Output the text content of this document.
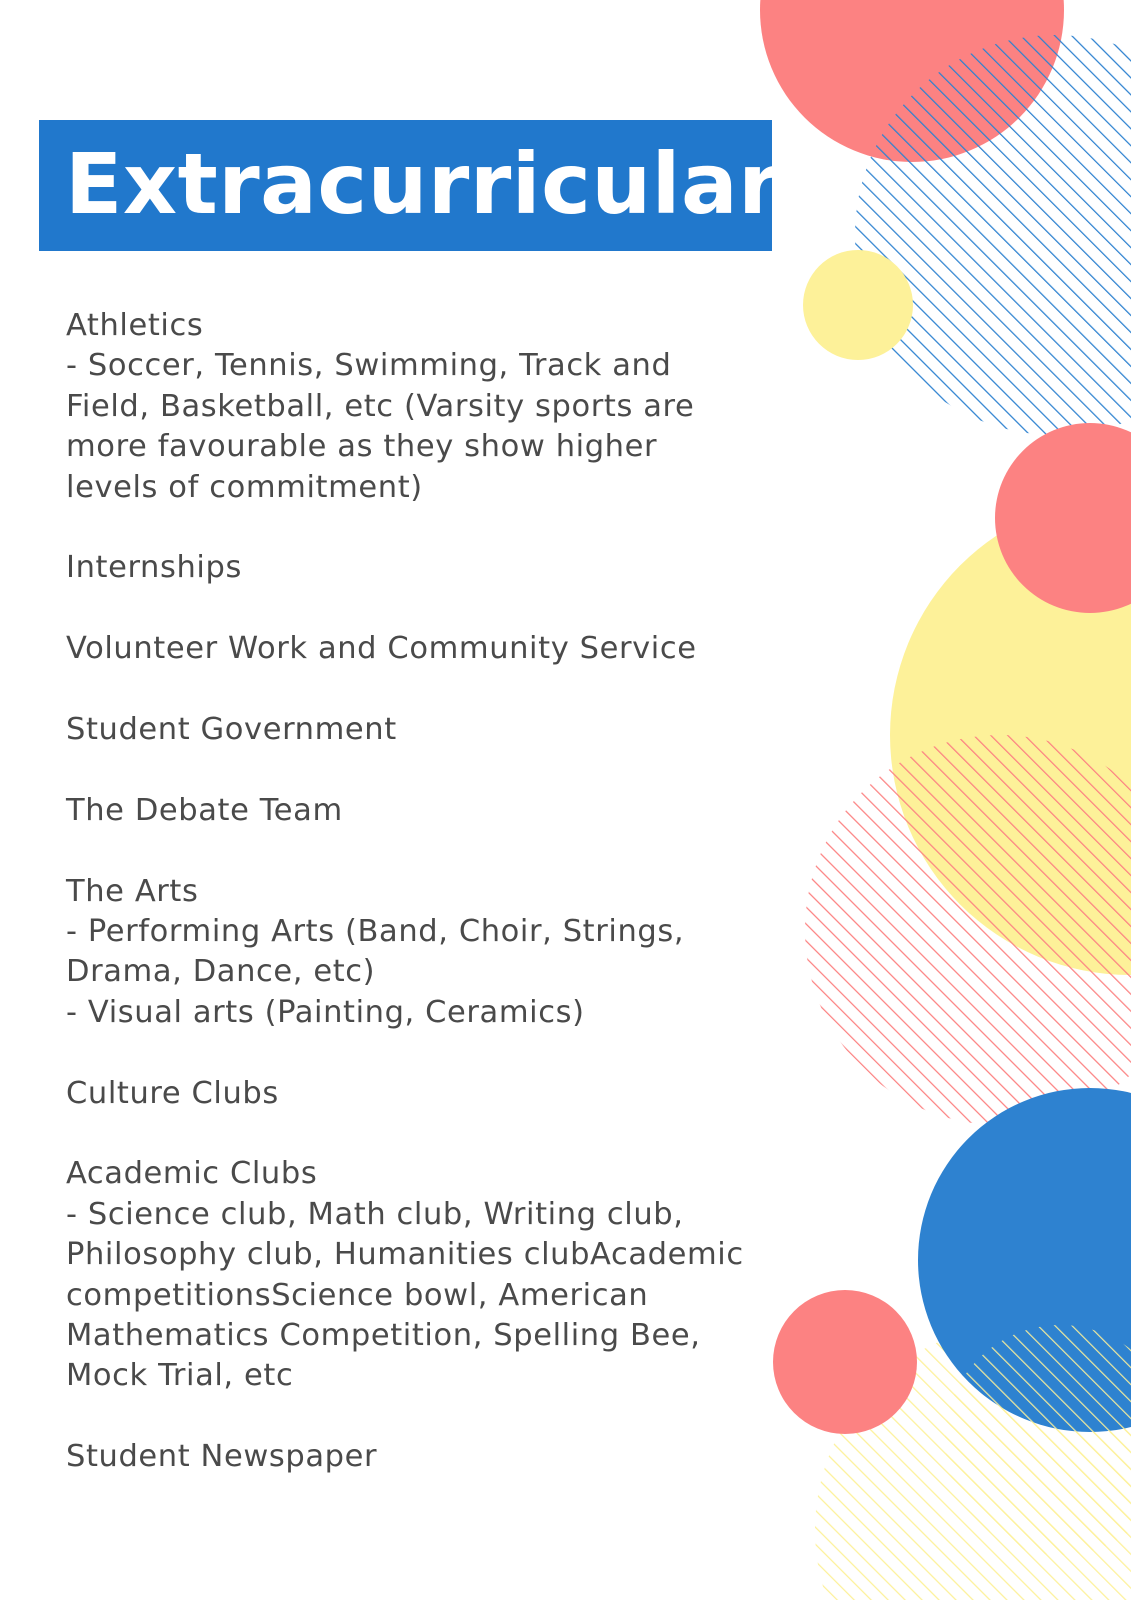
Extracurriculars
Athletics
- Soccer, Tennis, Swimming, Track and
Field, Basketball, etc (Varsity sports are
more favourable as they show higher
levels of commitment)
Internships
Volunteer Work and Community Service
Student Government
The Debate Team
The Arts
- Performing Arts (Band, Choir, Strings,
Drama, Dance, etc)
- Visual arts (Painting, Ceramics)
Culture Clubs
Academic Clubs
- Science club, Math club, Writing club,
Philosophy club, Humanities clubAcademic
competitionsScience bowl, American
Mathematics Competition, Spelling Bee,
Mock Trial, etc
Student Newspaper
